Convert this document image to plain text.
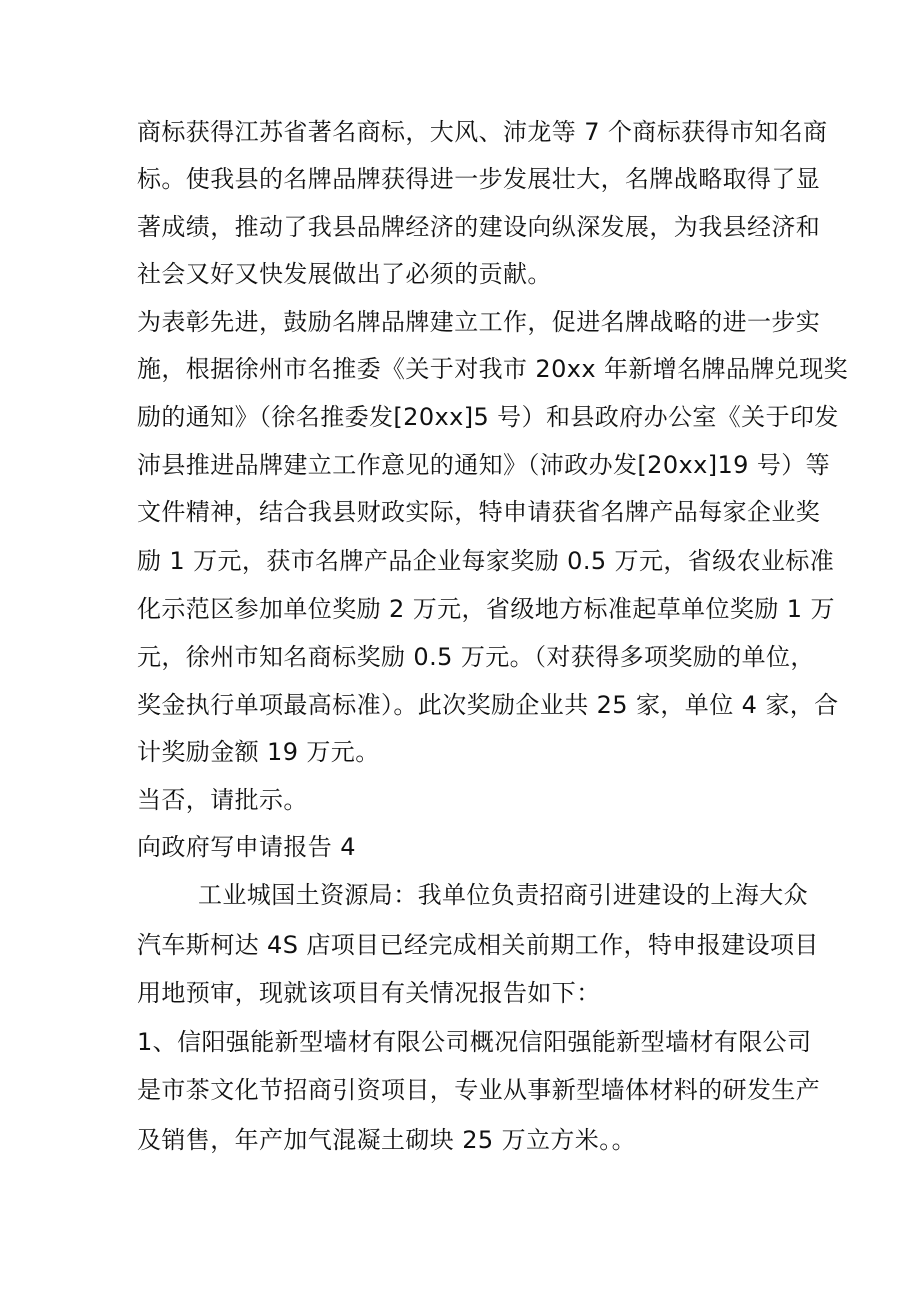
商标获得江苏省著名商标，大风、沛龙等 7 个商标获得市知名商
标。使我县的名牌品牌获得进一步发展壮大，名牌战略取得了显
著成绩，推动了我县品牌经济的建设向纵深发展，为我县经济和
社会又好又快发展做出了必须的贡献。
为表彰先进，鼓励名牌品牌建立工作，促进名牌战略的进一步实
施，根据徐州市名推委《关于对我市 20xx 年新增名牌品牌兑现奖
励的通知》（徐名推委发[20xx]5 号）和县政府办公室《关于印发
沛县推进品牌建立工作意见的通知》（沛政办发[20xx]19 号）等
文件精神，结合我县财政实际，特申请获省名牌产品每家企业奖
励 1 万元，获市名牌产品企业每家奖励 0.5 万元，省级农业标准
化示范区参加单位奖励 2 万元，省级地方标准起草单位奖励 1 万
元，徐州市知名商标奖励 0.5 万元。（对获得多项奖励的单位，
奖金执行单项最高标准）。此次奖励企业共 25 家，单位 4 家，合
计奖励金额 19 万元。
当否，请批示。
向政府写申请报告 4
工业城国土资源局：我单位负责招商引进建设的上海大众
汽车斯柯达 4S 店项目已经完成相关前期工作，特申报建设项目
用地预审，现就该项目有关情况报告如下：
1、信阳强能新型墙材有限公司概况信阳强能新型墙材有限公司
是市茶文化节招商引资项目，专业从事新型墙体材料的研发生产
及销售，年产加气混凝土砌块 25 万立方米。。
